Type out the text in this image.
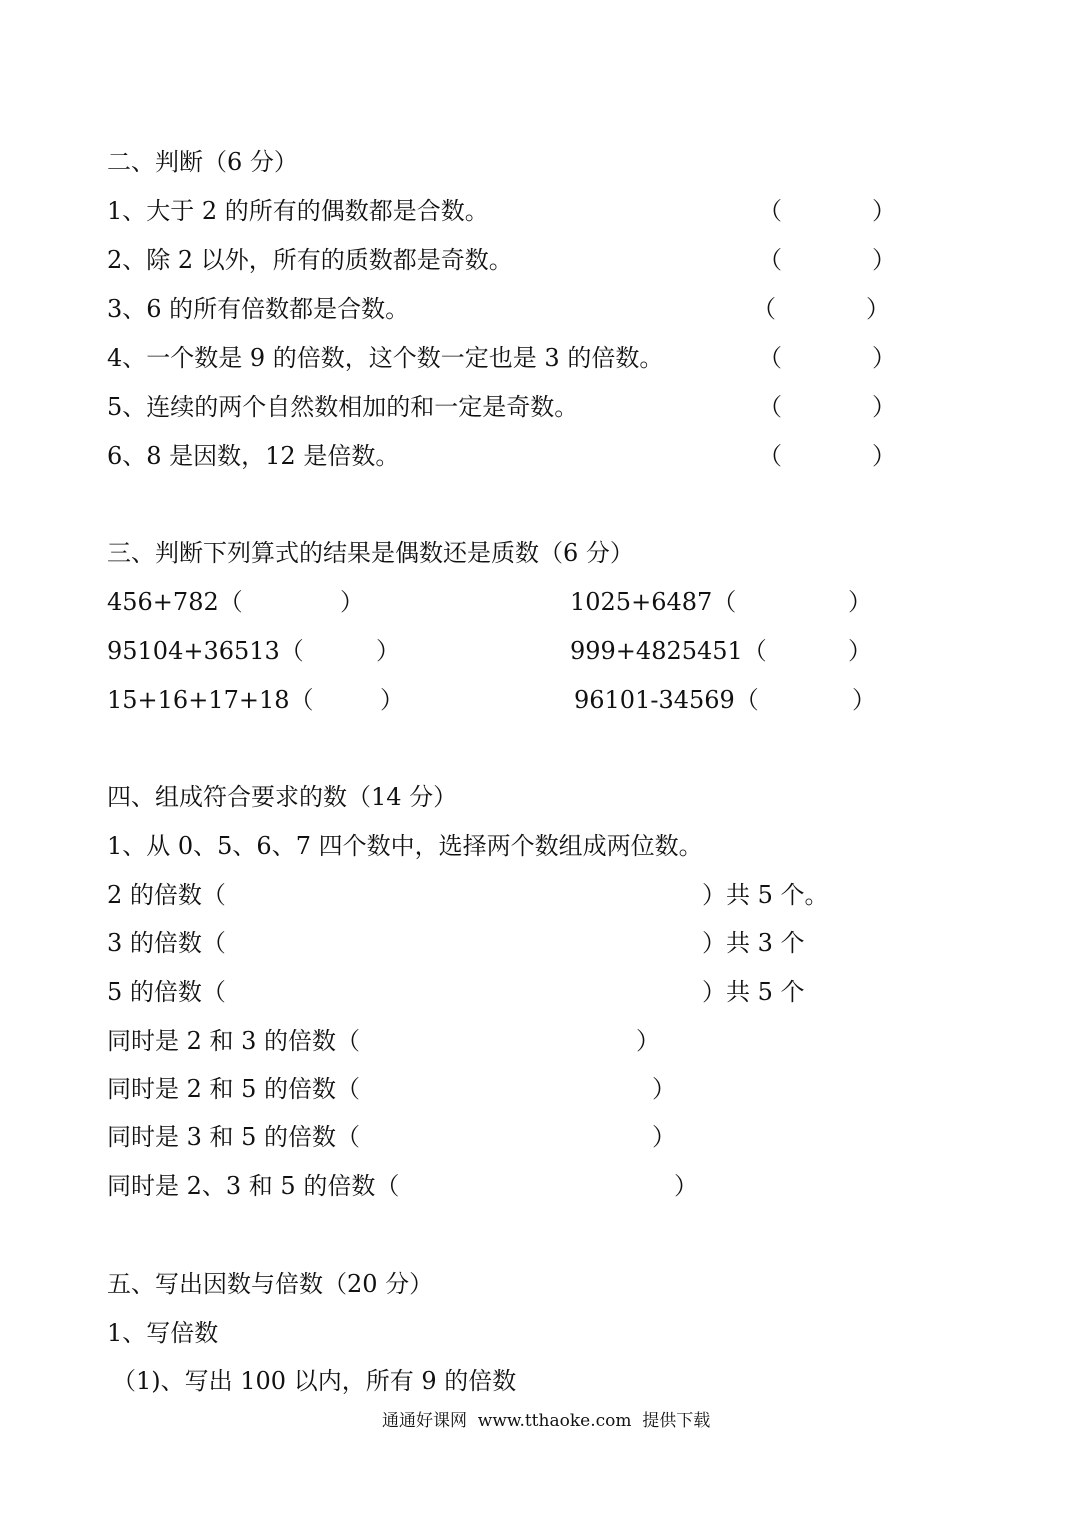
二、判断（6 分）
1、大于 2 的所有的偶数都是合数。	（	）
2、除 2 以外，所有的质数都是奇数。	（	）
3、6 的所有倍数都是合数。	（	）
4、一个数是 9 的倍数，这个数一定也是 3 的倍数。	（	）
5、连续的两个自然数相加的和一定是奇数。	（	）
6、8 是因数，12 是倍数。	（	）
三、判断下列算式的结果是偶数还是质数（6 分）
456+782（	）	1025+6487（	）
95104+36513（	）	999+4825451（	）
15+16+17+18（	）	96101-34569（	）
四、组成符合要求的数（14 分）
1、从 0、5、6、7 四个数中，选择两个数组成两位数。
2 的倍数（	）共 5 个。
3 的倍数（	）共 3 个
5 的倍数（	）共 5 个
同时是 2 和 3 的倍数（	）
同时是 2 和 5 的倍数（	）
同时是 3 和 5 的倍数（	）
同时是 2、3 和 5 的倍数（	）
五、写出因数与倍数（20 分）
1、写倍数
（1)、写出 100 以内，所有 9 的倍数
通通好课网  www.tthaoke.com  提供下载
